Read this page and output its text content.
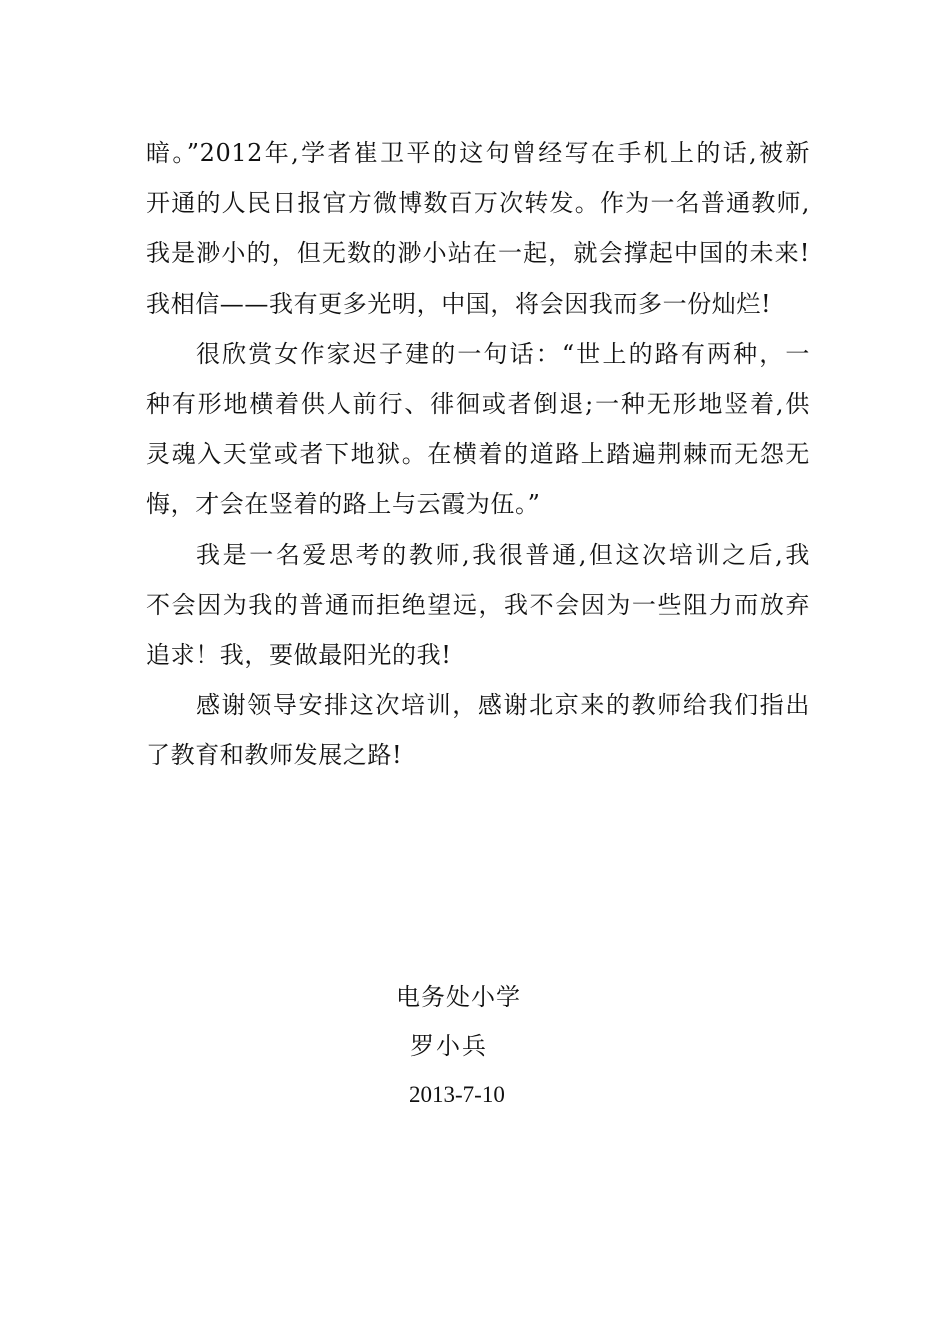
暗。”2012年,学者崔卫平的这句曾经写在手机上的话,被新
开通的人民日报官方微博数百万次转发。作为一名普通教师,
我是渺小的，但无数的渺小站在一起，就会撑起中国的未来!
我相信——我有更多光明，中国，将会因我而多一份灿烂!
很欣赏女作家迟子建的一句话：“世上的路有两种，一
种有形地横着供人前行、徘徊或者倒退;一种无形地竖着,供
灵魂入天堂或者下地狱。在横着的道路上踏遍荆棘而无怨无
悔，才会在竖着的路上与云霞为伍。”
我是一名爱思考的教师,我很普通,但这次培训之后,我
不会因为我的普通而拒绝望远，我不会因为一些阻力而放弃
追求！我，要做最阳光的我!
感谢领导安排这次培训，感谢北京来的教师给我们指出
了教育和教师发展之路!
电务处小学
罗小兵
2013-7-10
